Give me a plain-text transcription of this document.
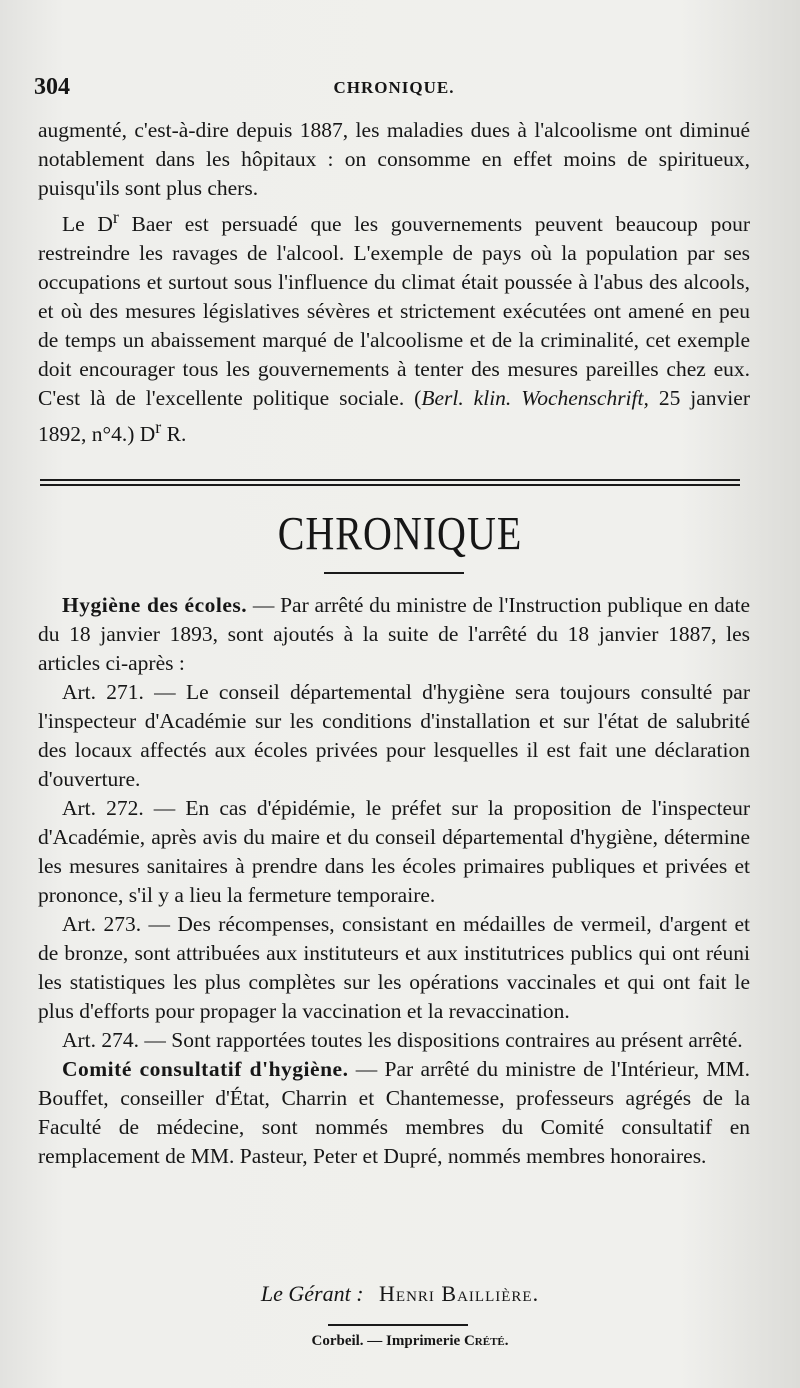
304	CHRONIQUE.

augmenté, c'est-à-dire depuis 1887, les maladies dues à l'alcoolisme ont diminué notablement dans les hôpitaux : on consomme en effet moins de spiritueux, puisqu'ils sont plus chers.

Le $D^r$ Baer est persuadé que les gouvernements peuvent beaucoup pour restreindre les ravages de l'alcool. L'exemple de pays où la population par ses occupations et surtout sous l'influence du climat était poussée à l'abus des alcools, et où des mesures législatives sévères et strictement exécutées ont amené en peu de temps un abaissement marqué de l'alcoolisme et de la criminalité, cet exemple doit encourager tous les gouvernements à tenter des mesures pareilles chez eux. C'est là de l'excellente politique sociale. (Berl. klin. Wochenschrift, 25 janvier 1892, n°4.) $D^r$ R.

CHRONIQUE

Hygiène des écoles. — Par arrêté du ministre de l'Instruction publique en date du 18 janvier 1893, sont ajoutés à la suite de l'arrêté du 18 janvier 1887, les articles ci-après :

Art. 271. — Le conseil départemental d'hygiène sera toujours consulté par l'inspecteur d'Académie sur les conditions d'installation et sur l'état de salubrité des locaux affectés aux écoles privées pour lesquelles il est fait une déclaration d'ouverture.

Art. 272. — En cas d'épidémie, le préfet sur la proposition de l'inspecteur d'Académie, après avis du maire et du conseil départemental d'hygiène, détermine les mesures sanitaires à prendre dans les écoles primaires publiques et privées et prononce, s'il y a lieu la fermeture temporaire.

Art. 273. — Des récompenses, consistant en médailles de vermeil, d'argent et de bronze, sont attribuées aux instituteurs et aux institutrices publics qui ont réuni les statistiques les plus complètes sur les opérations vaccinales et qui ont fait le plus d'efforts pour propager la vaccination et la revaccination.

Art. 274. — Sont rapportées toutes les dispositions contraires au présent arrêté.

Comité consultatif d'hygiène. — Par arrêté du ministre de l'Intérieur, MM. Bouffet, conseiller d'État, Charrin et Chantemesse, professeurs agrégés de la Faculté de médecine, sont nommés membres du Comité consultatif en remplacement de MM. Pasteur, Peter et Dupré, nommés membres honoraires.

Le Gérant : Henri Baillière.
Corbeil. — Imprimerie Crété.
